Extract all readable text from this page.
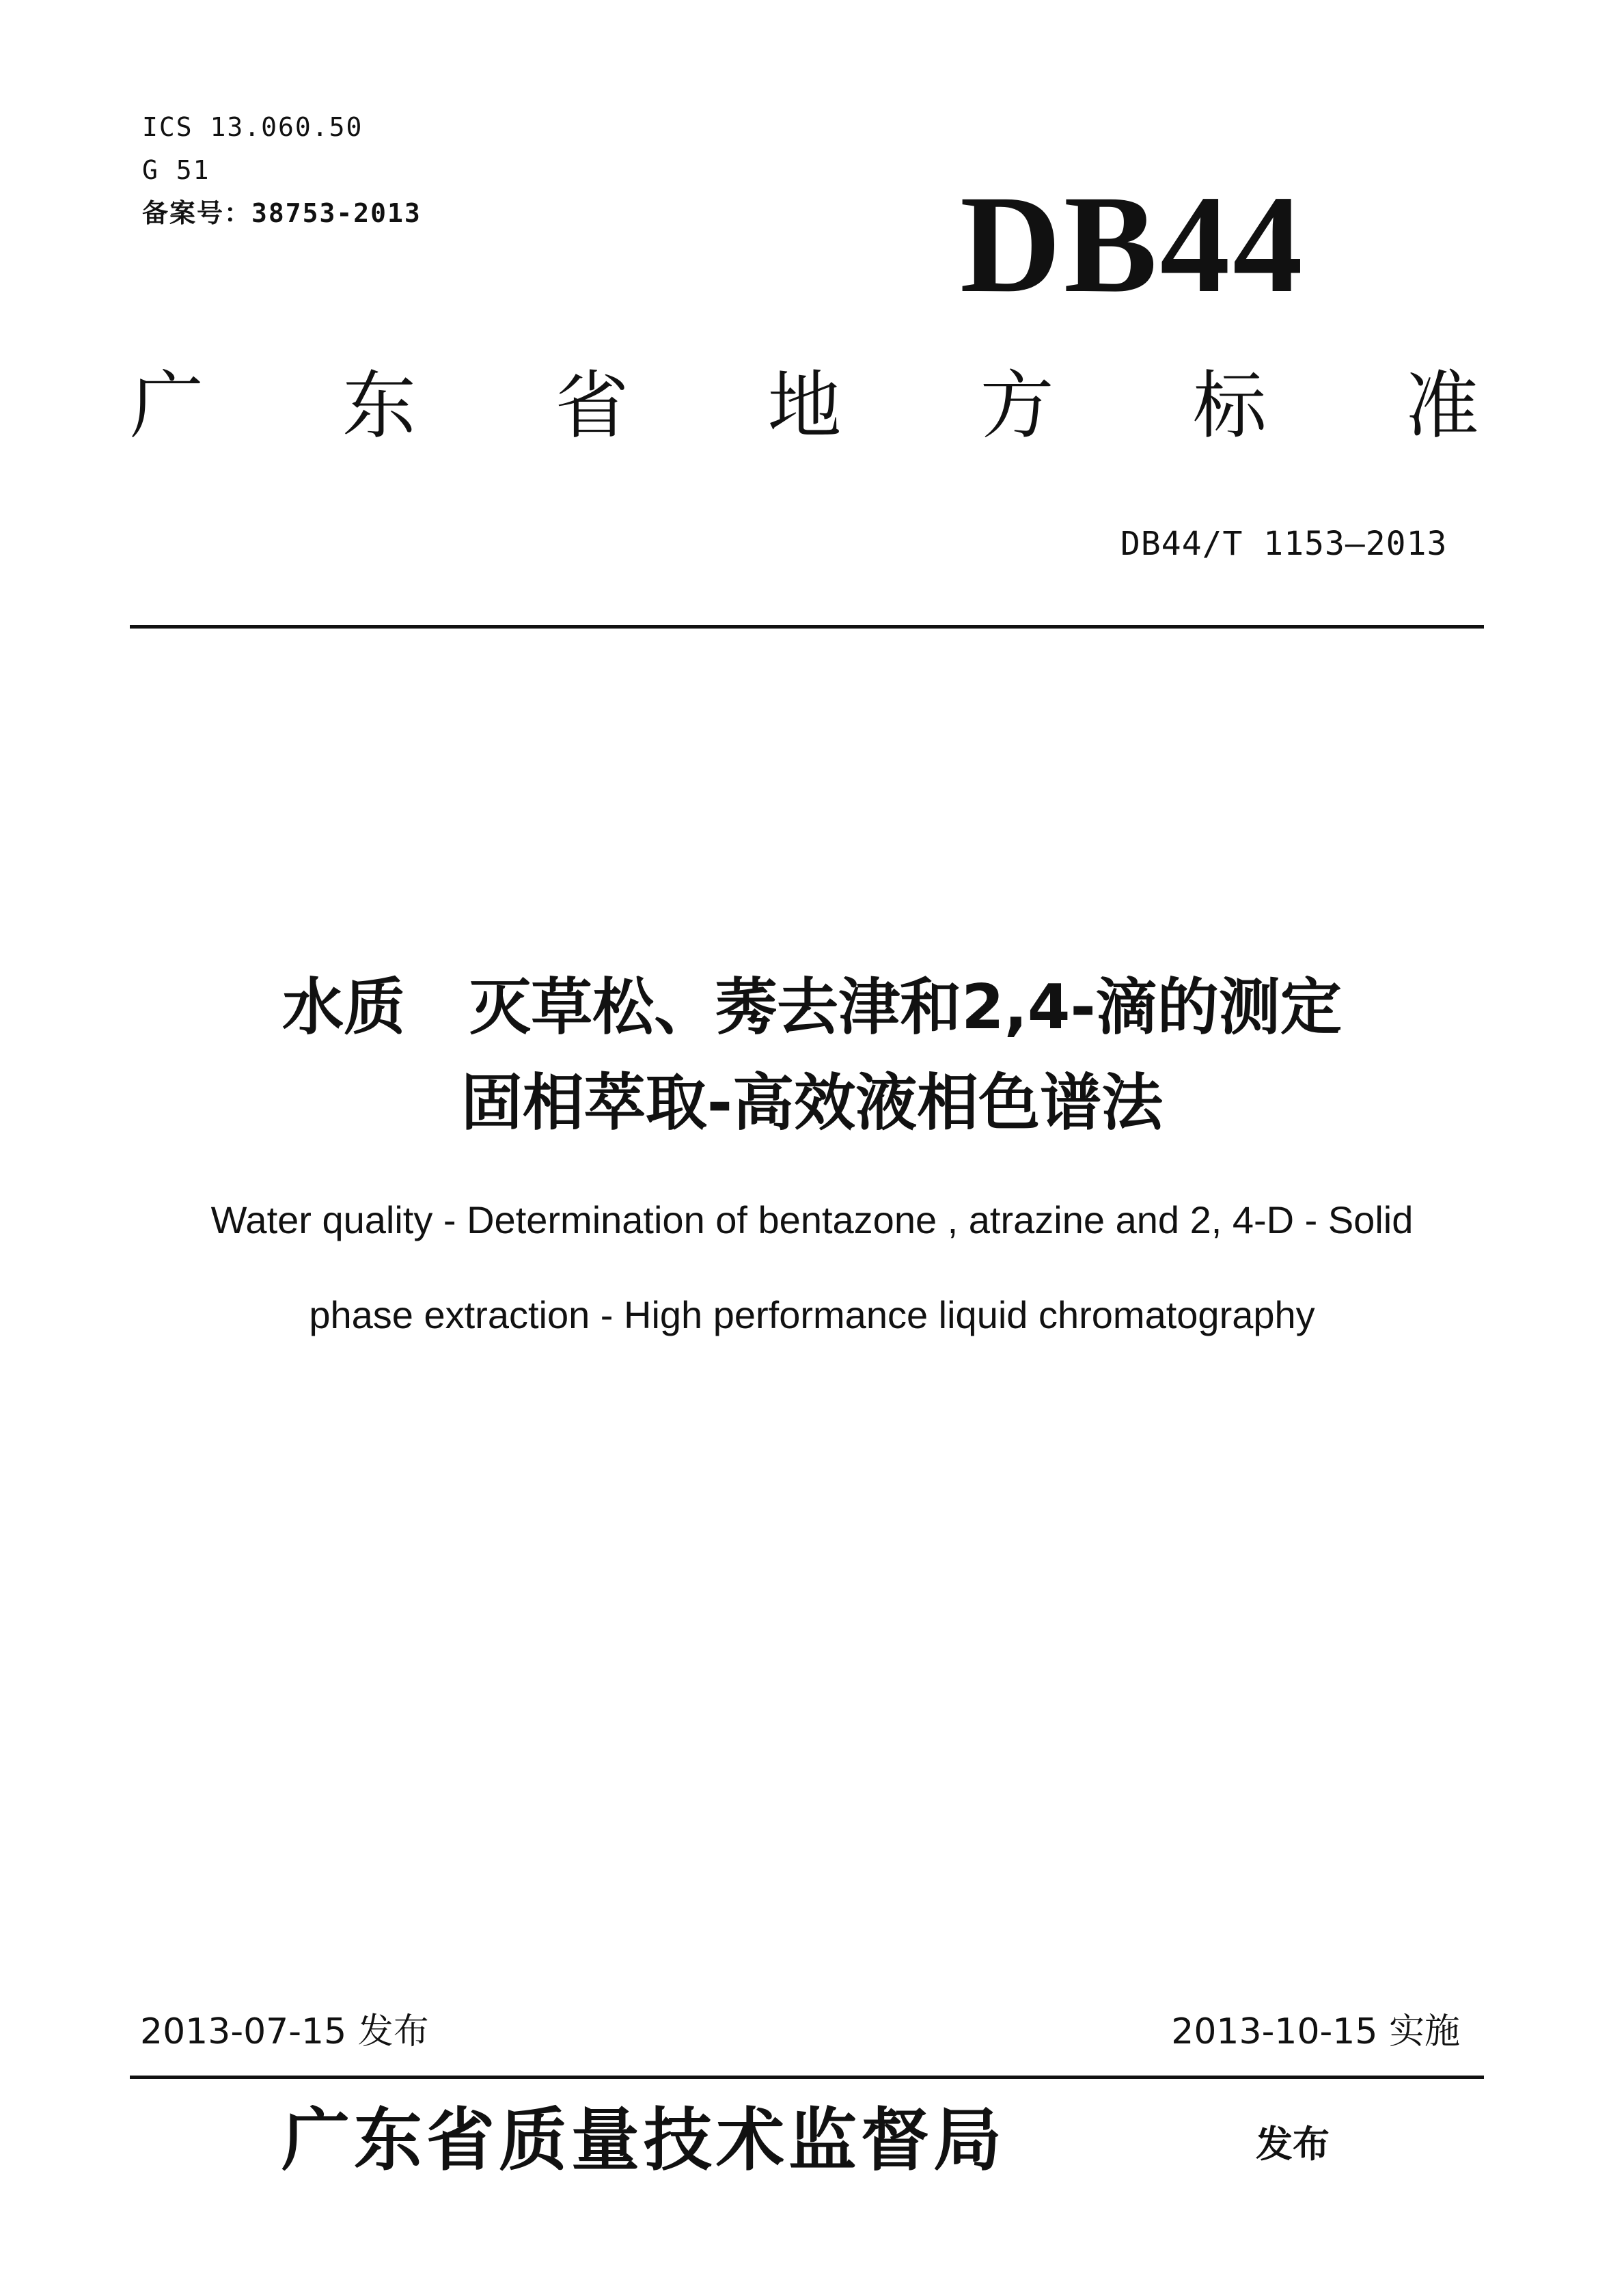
ICS 13.060.50
G 51
备案号：38753-2013	DB44
广 东 省 地 方 标 准
DB44/T 1153—2013
水质   灭草松、莠去津和2,4-滴的测定
固相萃取-高效液相色谱法
Water quality - Determination of bentazone , atrazine and 2, 4-D - Solid
phase extraction - High performance liquid chromatography
2013-07-15 发布	2013-10-15 实施
广东省质量技术监督局	发布
